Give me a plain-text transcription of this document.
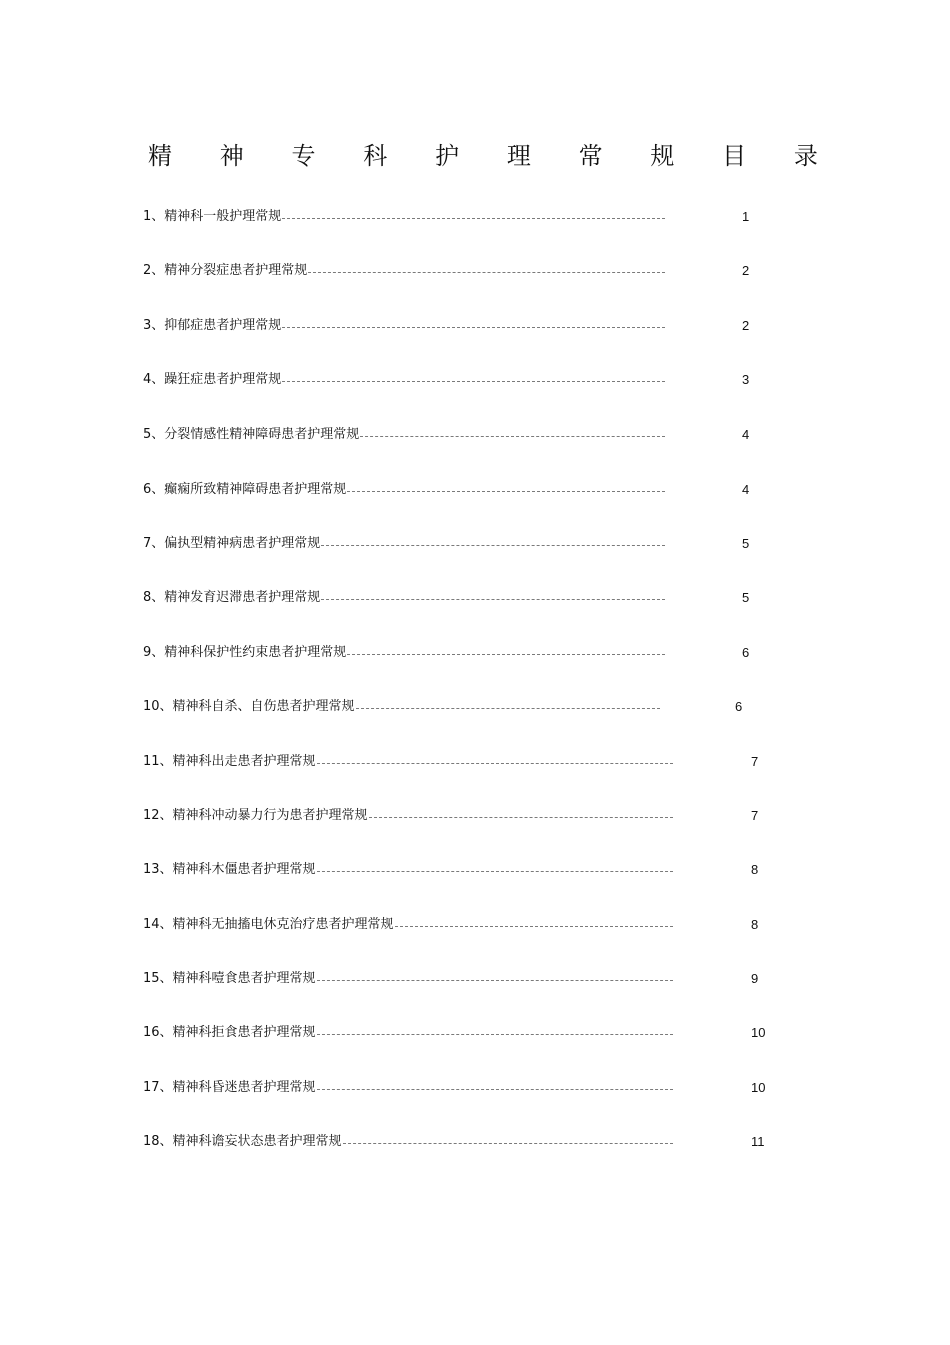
精 神 专 科 护 理 常 规 目 录
1、精神科一般护理常规	1
2、精神分裂症患者护理常规	2
3、抑郁症患者护理常规	2
4、躁狂症患者护理常规	3
5、分裂情感性精神障碍患者护理常规	4
6、癫痫所致精神障碍患者护理常规	4
7、偏执型精神病患者护理常规	5
8、精神发育迟滞患者护理常规	5
9、精神科保护性约束患者护理常规	6
10、精神科自杀、自伤患者护理常规	6
11、精神科出走患者护理常规	7
12、精神科冲动暴力行为患者护理常规	7
13、精神科木僵患者护理常规	8
14、精神科无抽搐电休克治疗患者护理常规	8
15、精神科噎食患者护理常规	9
16、精神科拒食患者护理常规	10
17、精神科昏迷患者护理常规	10
18、精神科谵妄状态患者护理常规	11
